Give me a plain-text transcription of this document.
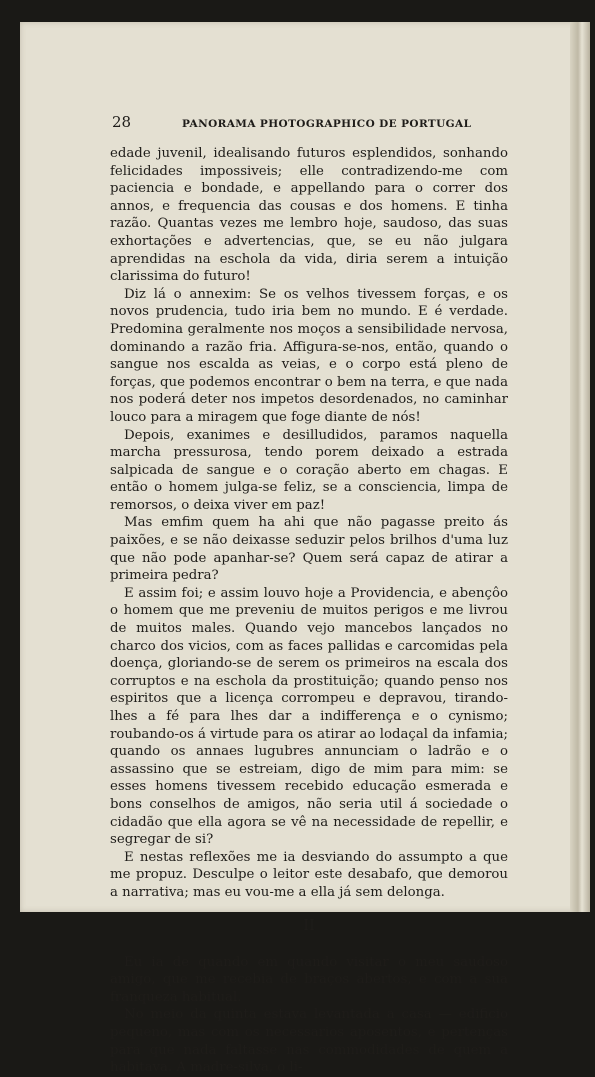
28	PANORAMA PHOTOGRAPHICO DE PORTUGAL

edade juvenil, idealisando futuros esplendidos, sonhando felicidades impossiveis; elle contradizendo-me com paciencia e bondade, e appellando para o correr dos annos, e frequencia das cousas e dos homens. E tinha razão. Quantas vezes me lembro hoje, saudoso, das suas exhortações e advertencias, que, se eu não julgara aprendidas na eschola da vida, diria serem a intuição clarissima do futuro!

Diz lá o annexim: Se os velhos tivessem forças, e os novos prudencia, tudo iria bem no mundo. E é verdade. Predomina geralmente nos moços a sensibilidade nervosa, dominando a razão fria. Affigura-se-nos, então, quando o sangue nos escalda as veias, e o corpo está pleno de forças, que podemos encontrar o bem na terra, e que nada nos poderá deter nos impetos desordenados, no caminhar louco para a miragem que foge diante de nós!

Depois, exanimes e desilludidos, paramos naquella marcha pressurosa, tendo porem deixado a estrada salpicada de sangue e o coração aberto em chagas. E então o homem julga-se feliz, se a consciencia, limpa de remorsos, o deixa viver em paz!

Mas emfim quem ha ahi que não pagasse preito ás paixões, e se não deixasse seduzir pelos brilhos d'uma luz que não pode apanhar-se? Quem será capaz de atirar a primeira pedra?

E assim foi; e assim louvo hoje a Providencia, e abençôo o homem que me preveniu de muitos perigos e me livrou de muitos males. Quando vejo mancebos lançados no charco dos vicios, com as faces pallidas e carcomidas pela doença, gloriando-se de serem os primeiros na escala dos corruptos e na eschola da prostituição; quando penso nos espiritos que a licença corrompeu e depravou, tirando-lhes a fé para lhes dar a indifferença e o cynismo; roubando-os á virtude para os atirar ao lodaçal da infamia; quando os annaes lugubres annunciam o ladrão e o assassino que se estreiam, digo de mim para mim: se esses homens tivessem recebido educação esmerada e bons conselhos de amigos, não seria util á sociedade o cidadão que ella agora se vê na necessidade de repellir, e segregar de si?

E nestas reflexões me ia desviando do assumpto a que me propuz. Desculpe o leitor este desabafo, que demorou a narrativa; mas eu vou-me a ella já sem delonga.

II

Eu ia de quando em quando visitar o meu saudoso amigo, que me recebia de braços abertos, e com a sua franqueza habitual.

No meio da quinta estava levantada a casa — edificio pequeno, mas com os necessarios aposentos, e pertenças para que nada faltasse nas commodidades de quem a habitava. A madre-silva, o li-
